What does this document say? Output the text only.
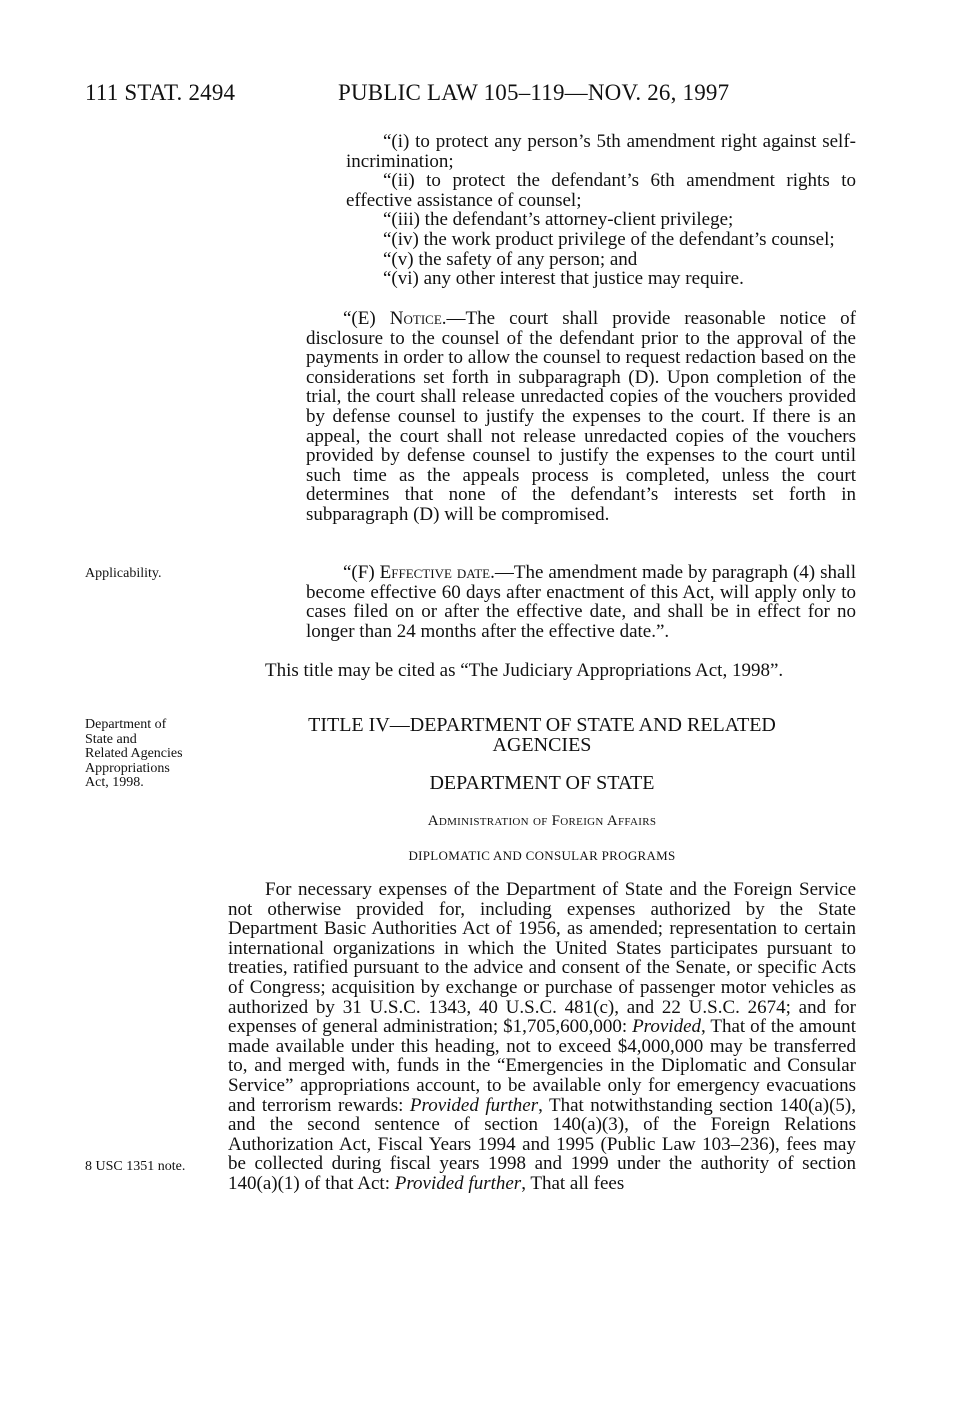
111 STAT. 2494	PUBLIC LAW 105–119—NOV. 26, 1997

“(i) to protect any person’s 5th amendment right against self-incrimination;

“(ii) to protect the defendant’s 6th amendment rights to effective assistance of counsel;

“(iii) the defendant’s attorney-client privilege;

“(iv) the work product privilege of the defendant’s counsel;

“(v) the safety of any person; and

“(vi) any other interest that justice may require.

“(E) Notice.—The court shall provide reasonable notice of disclosure to the counsel of the defendant prior to the approval of the payments in order to allow the counsel to request redaction based on the considerations set forth in subparagraph (D). Upon completion of the trial, the court shall release unredacted copies of the vouchers provided by defense counsel to justify the expenses to the court. If there is an appeal, the court shall not release unredacted copies of the vouchers provided by defense counsel to justify the expenses to the court until such time as the appeals process is completed, unless the court determines that none of the defendant’s interests set forth in subparagraph (D) will be compromised.

Applicability.	“(F) Effective date.—The amendment made by paragraph (4) shall become effective 60 days after enactment of this Act, will apply only to cases filed on or after the effective date, and shall be in effect for no longer than 24 months after the effective date.”.

This title may be cited as “The Judiciary Appropriations Act, 1998”.

Department of
State and
Related Agencies
Appropriations
Act, 1998.
TITLE IV—DEPARTMENT OF STATE AND RELATED
AGENCIES
DEPARTMENT OF STATE
Administration of Foreign Affairs
DIPLOMATIC AND CONSULAR PROGRAMS
8 USC 1351 note.

For necessary expenses of the Department of State and the Foreign Service not otherwise provided for, including expenses authorized by the State Department Basic Authorities Act of 1956, as amended; representation to certain international organizations in which the United States participates pursuant to treaties, ratified pursuant to the advice and consent of the Senate, or specific Acts of Congress; acquisition by exchange or purchase of passenger motor vehicles as authorized by 31 U.S.C. 1343, 40 U.S.C. 481(c), and 22 U.S.C. 2674; and for expenses of general administration; $1,705,600,000: Provided, That of the amount made available under this heading, not to exceed $4,000,000 may be transferred to, and merged with, funds in the “Emergencies in the Diplomatic and Consular Service” appropriations account, to be available only for emergency evacuations and terrorism rewards: Provided further, That notwithstanding section 140(a)(5), and the second sentence of section 140(a)(3), of the Foreign Relations Authorization Act, Fiscal Years 1994 and 1995 (Public Law 103–236), fees may be collected during fiscal years 1998 and 1999 under the authority of section 140(a)(1) of that Act: Provided further, That all fees
